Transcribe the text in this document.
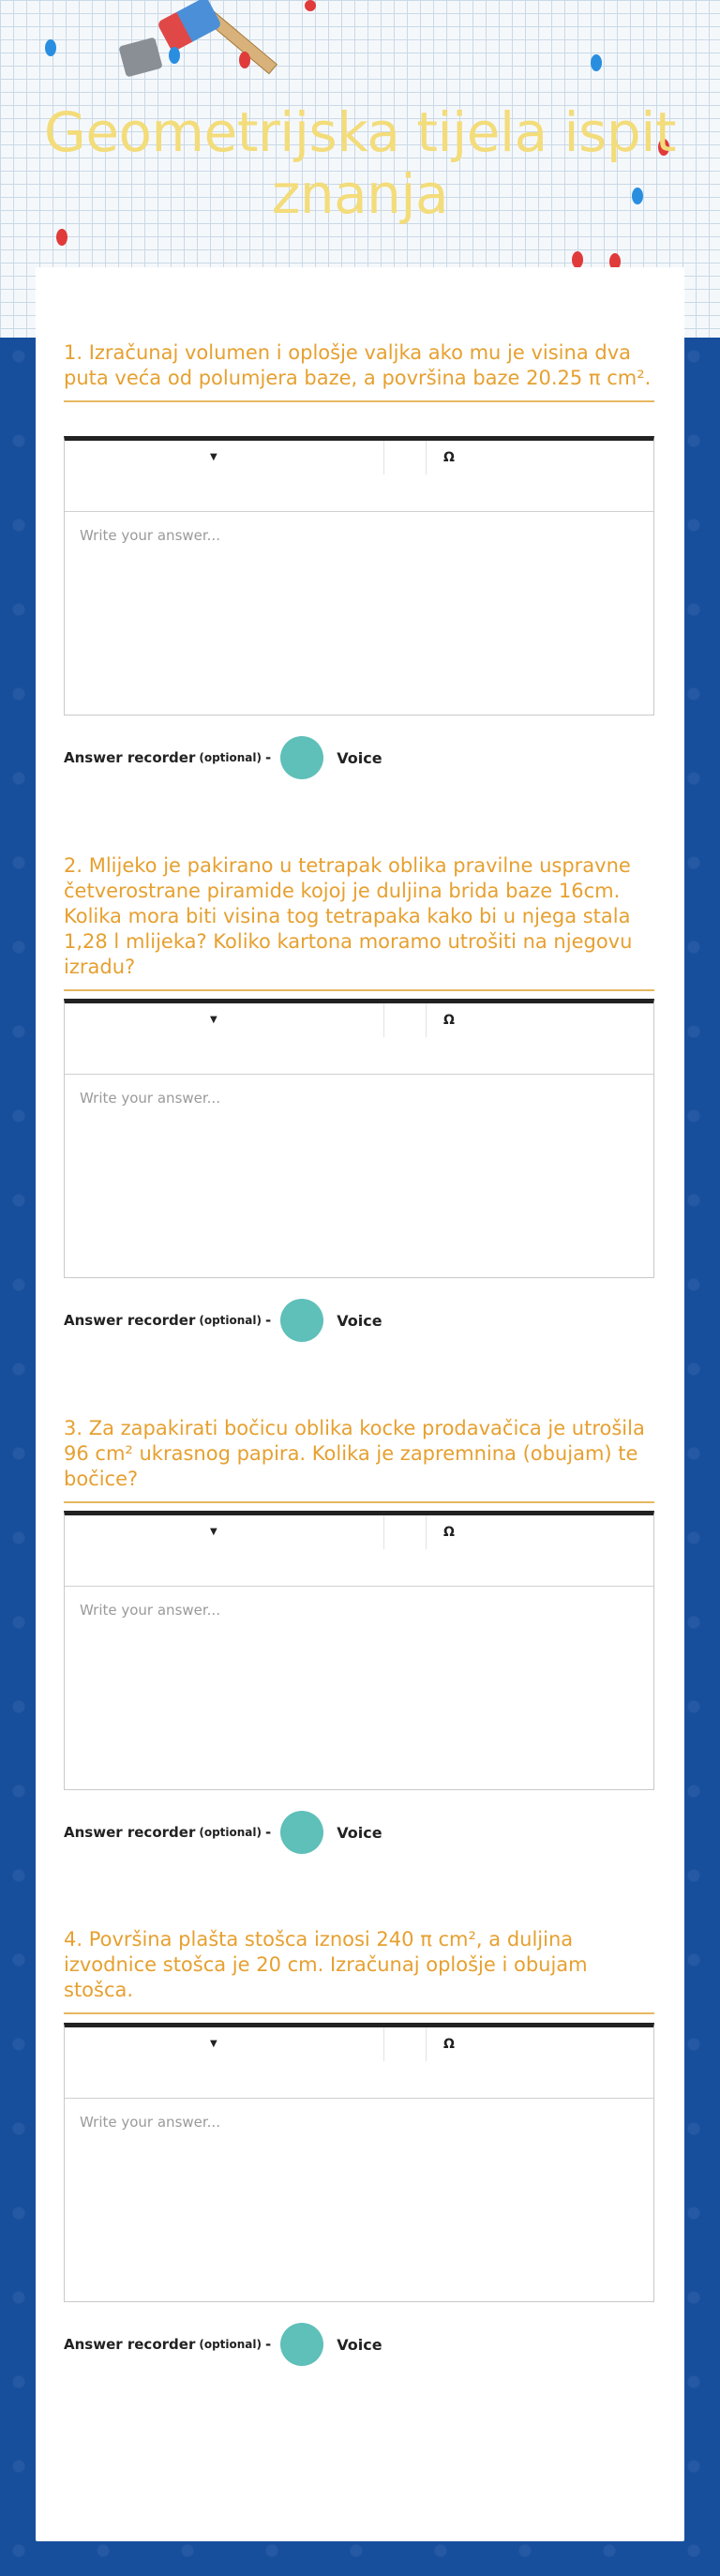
Geometrijska tijela ispit znanja
1. Izračunaj volumen i oplošje valjka ako mu je visina dva puta veća od polumjera baze, a površina baze 20.25 π cm².
▼	Ω
Write your answer...
Answer recorder (optional) -	Voice
2. Mlijeko je pakirano u tetrapak oblika pravilne uspravne četverostrane piramide kojoj je duljina brida baze 16cm. Kolika mora biti visina tog tetrapaka kako bi u njega stala 1,28 l mlijeka? Koliko kartona moramo utrošiti na njegovu izradu?
▼	Ω
Write your answer...
Answer recorder (optional) -	Voice
3. Za zapakirati bočicu oblika kocke prodavačica je utrošila 96 cm² ukrasnog papira. Kolika je zapremnina (obujam) te bočice?
▼	Ω
Write your answer...
Answer recorder (optional) -	Voice
4. Površina plašta stošca iznosi 240 π cm², a duljina izvodnice stošca je 20 cm. Izračunaj oplošje i obujam stošca.
▼	Ω
Write your answer...
Answer recorder (optional) -	Voice
